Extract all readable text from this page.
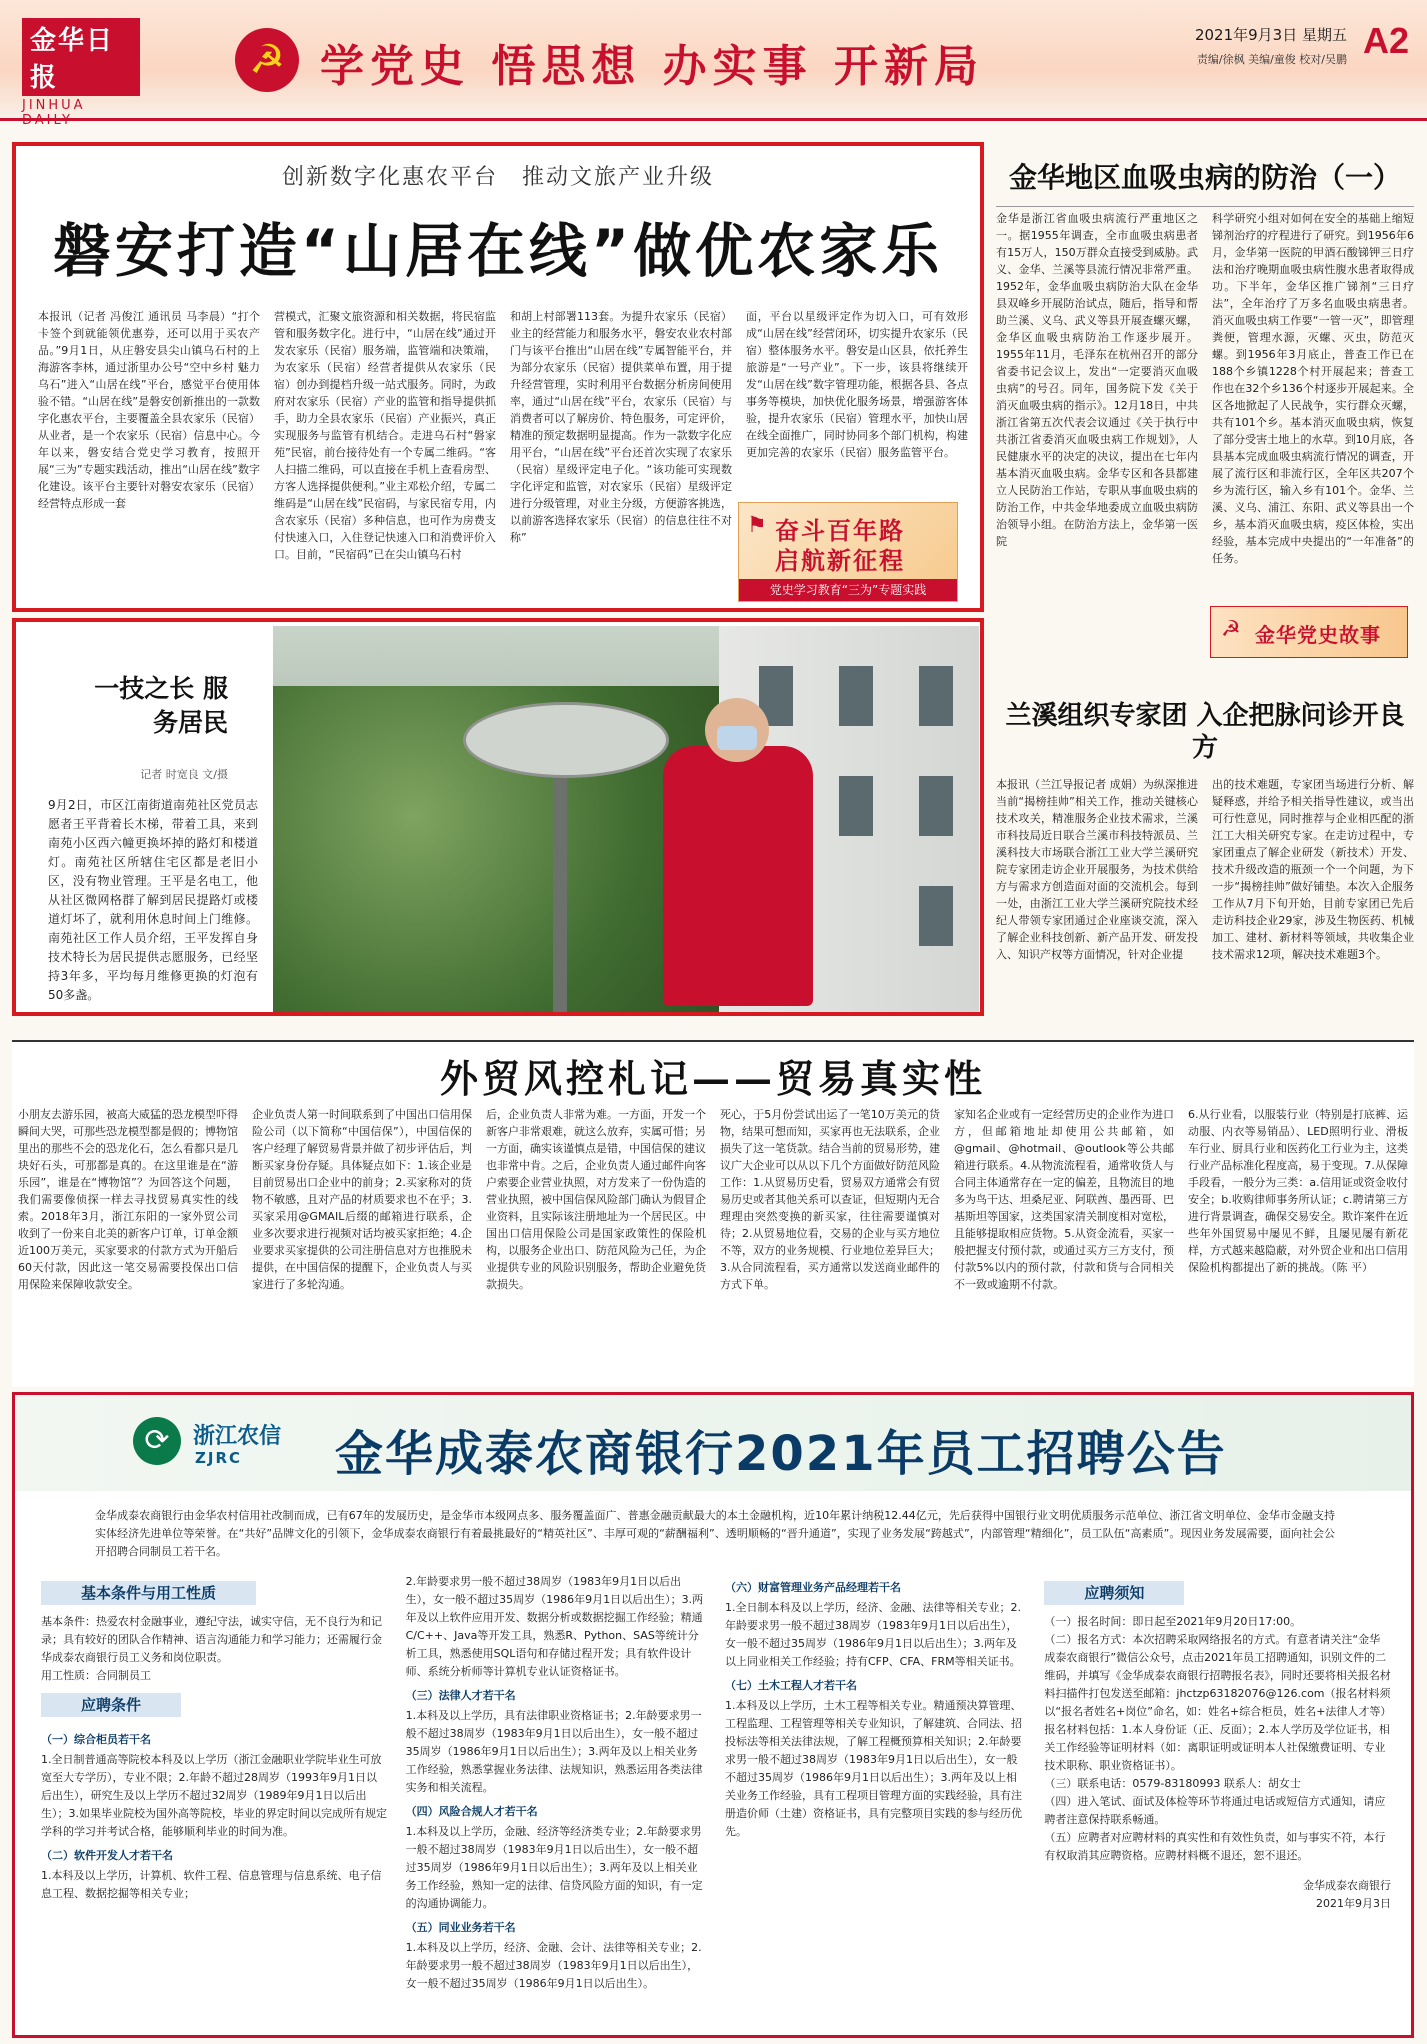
金华日报
JINHUA DAILY
☭ 学党史 悟思想 办实事 开新局
2021年9月3日 星期五
责编/徐枫 美编/童俊 校对/吴鹏 A2
创新数字化惠农平台　推动文旅产业升级
磐安打造“山居在线”做优农家乐
本报讯（记者 冯俊江 通讯员 马李晨）“打个卡签个到就能领优惠券，还可以用于买农产品。”9月1日，从庄磐安县尖山镇乌石村的上海游客李林，通过浙里办公号“空中乡村 魅力乌石”进入“山居在线”平台，感觉平台使用体验不错。“山居在线”是磐安创新推出的一款数字化惠农平台，主要覆盖全县农家乐（民宿）从业者，是一个农家乐（民宿）信息中心。今年以来，磐安结合党史学习教育，按照开展“三为”专题实践活动，推出“山居在线”数字化建设。该平台主要针对磐安农家乐（民宿）经营特点形成一套
营模式，汇聚文旅资源和相关数据，将民宿监管和服务数字化。进行中，“山居在线”通过开发农家乐（民宿）服务端，监管端和决策端，为农家乐（民宿）经营者提供从农家乐（民宿）创办到提档升级一站式服务。同时，为政府对农家乐（民宿）产业的监管和指导提供抓手，助力全县农家乐（民宿）产业振兴，真正实现服务与监管有机结合。走进乌石村“磐家苑”民宿，前台接待处有一个专属二维码。“客人扫描二维码，可以直接在手机上查看房型、方客人选择提供便利。”业主邓松介绍，专属二维码是“山居在线”民宿码，与家民宿专用，内含农家乐（民宿）多种信息，也可作为房费支付快速入口，入住登记快速入口和消费评价入口。目前，“民宿码”已在尖山镇乌石村
和胡上村部署113套。为提升农家乐（民宿）业主的经营能力和服务水平，磐安农业农村部门与该平台推出“山居在线”专属智能平台，并为部分农家乐（民宿）提供菜单布置，用于提升经营管理，实时利用平台数据分析房间使用率，通过“山居在线”平台，农家乐（民宿）与消费者可以了解房价、特色服务，可定评价，精准的预定数据明显提高。作为一款数字化应用平台，“山居在线”平台还首次实现了农家乐（民宿）星级评定电子化。“该功能可实现数字化评定和监管，对农家乐（民宿）星级评定进行分级管理，对业主分级，方便游客挑选，以前游客选择农家乐（民宿）的信息往往不对称”
面，平台以星级评定作为切入口，可有效形成“山居在线”经营闭环，切实提升农家乐（民宿）整体服务水平。磐安是山区县，依托养生旅游是“一号产业”。下一步，该县将继续开发“山居在线”数字管理功能，根据各县、各点事务等模块，加快优化服务场景，增强游客体验，提升农家乐（民宿）管理水平，加快山居在线全面推广，同时协同多个部门机构，构建更加完善的农家乐（民宿）服务监管平台。
⚑ 奋斗百年路
启航新征程
党史学习教育“三为”专题实践
金华地区血吸虫病的防治（一）
金华是浙江省血吸虫病流行严重地区之一。据1955年调查，全市血吸虫病患者有15万人，150万群众直接受到威胁。武义、金华、兰溪等县流行情况非常严重。1952年，金华血吸虫病防治大队在金华县双峰乡开展防治试点，随后，指导和帮助兰溪、义乌、武义等县开展查螺灭螺，金华区血吸虫病防治工作逐步展开。1955年11月，毛泽东在杭州召开的部分省委书记会议上，发出“一定要消灭血吸虫病”的号召。同年，国务院下发《关于消灭血吸虫病的指示》。12月18日，中共浙江省第五次代表会议通过《关于执行中共浙江省委消灭血吸虫病工作规划》，人民健康水平的决定的决议，提出在七年内基本消灭血吸虫病。金华专区和各县都建立人民防治工作站，专职从事血吸虫病的防治工作，中共金华地委成立血吸虫病防治领导小组。在防治方法上，金华第一医院
科学研究小组对如何在安全的基础上缩短锑剂治疗的疗程进行了研究。到1956年6月，金华第一医院的甲酒石酸锑钾三日疗法和治疗晚期血吸虫病性腹水患者取得成功。下半年，金华区推广锑剂“三日疗法”，全年治疗了万多名血吸虫病患者。消灭血吸虫病工作要“一管一灭”，即管理粪便，管理水源，灭螺、灭虫，防范灭螺。到1956年3月底止，普查工作已在188个乡镇1228个村开展起来；普查工作也在32个乡136个村逐步开展起来。全区各地掀起了人民战争，实行群众灭螺，共有101个乡。基本消灭血吸虫病，恢复了部分受害土地上的水草。到10月底，各县基本完成血吸虫病流行情况的调查，开展了流行区和非流行区，全年区共207个乡为流行区，输入乡有101个。金华、兰溪、义乌、浦江、东阳、武义等县出一个乡，基本消灭血吸虫病，疫区体检，实出经验，基本完成中央提出的“一年准备”的任务。
一技之长 服务居民
记者 时宽良 文/摄
9月2日，市区江南街道南苑社区党员志愿者王平背着长木梯，带着工具，来到南苑小区西六幢更换坏掉的路灯和楼道灯。南苑社区所辖住宅区都是老旧小区，没有物业管理。王平是名电工，他从社区微网格群了解到居民提路灯或楼道灯坏了，就利用休息时间上门维修。南苑社区工作人员介绍，王平发挥自身技术特长为居民提供志愿服务，已经坚持3年多，平均每月维修更换的灯泡有50多盏。
☭ 金华党史故事
兰溪组织专家团 入企把脉问诊开良方
本报讯（兰江导报记者 成娟）为纵深推进当前“揭榜挂帅”相关工作，推动关键核心技术攻关，精准服务企业技术需求，兰溪市科技局近日联合兰溪市科技特派员、兰溪科技大市场联合浙江工业大学兰溪研究院专家团走访企业开展服务，为技术供给方与需求方创造面对面的交流机会。每到一处，由浙江工业大学兰溪研究院技术经纪人带领专家团通过企业座谈交流，深入了解企业科技创新、新产品开发、研发投入、知识产权等方面情况，针对企业提
出的技术难题，专家团当场进行分析、解疑释惑，并给予相关指导性建议，或当出可行性意见，同时推荐与企业相匹配的浙江工大相关研究专家。在走访过程中，专家团重点了解企业研发（新技术）开发、技术升级改造的瓶颈一个一个问题，为下一步“揭榜挂帅”做好铺垫。本次入企服务工作从7月下旬开始，目前专家团已先后走访科技企业29家，涉及生物医药、机械加工、建材、新材料等领域，共收集企业技术需求12项，解决技术难题3个。
外贸风控札记——贸易真实性
小朋友去游乐园，被高大威猛的恐龙模型吓得瞬间大哭，可那些恐龙模型都是假的；博物馆里出的那些不会的恐龙化石，怎么看都只是几块好石头，可那都是真的。在这里谁是在“游乐园”，谁是在“博物馆”？为回答这个问题，我们需要像侦探一样去寻找贸易真实性的线索。2018年3月，浙江东阳的一家外贸公司收到了一份来自北美的新客户订单，订单金额近100万美元，买家要求的付款方式为开船后60天付款，因此这一笔交易需要投保出口信用保险来保障收款安全。
企业负责人第一时间联系到了中国出口信用保险公司（以下简称“中国信保”），中国信保的客户经理了解贸易背景并做了初步评估后，判断买家身份存疑。具体疑点如下：1.该企业是目前贸易出口企业中的前身；2.买家称对的货物不敏感，且对产品的材质要求也不在乎；3.买家采用@GMAIL后缀的邮箱进行联系，企业多次要求进行视频对话均被买家拒绝；4.企业要求买家提供的公司注册信息对方也推脱未提供，在中国信保的提醒下，企业负责人与买家进行了多轮沟通。
后，企业负责人非常为难。一方面，开发一个新客户非常艰难，就这么放弃，实属可惜；另一方面，确实该谨慎点是错，中国信保的建议也非常中肯。之后，企业负责人通过邮件向客户索要企业营业执照，对方发来了一份伪造的营业执照，被中国信保风险部门确认为假冒企业资料，且实际该注册地址为一个居民区。中国出口信用保险公司是国家政策性的保险机构，以服务企业出口、防范风险为己任，为企业提供专业的风险识别服务，帮助企业避免货款损失。
死心，于5月份尝试出运了一笔10万美元的货物，结果可想而知，买家再也无法联系，企业损失了这一笔货款。结合当前的贸易形势，建议广大企业可以从以下几个方面做好防范风险工作：1.从贸易历史看，贸易双方通常会有贸易历史或者其他关系可以查证，但短期内无合理理由突然变换的新买家，往往需要谨慎对待；2.从贸易地位看，交易的企业与买方地位不等，双方的业务规模、行业地位差异巨大；3.从合同流程看，买方通常以发送商业邮件的方式下单。
家知名企业或有一定经营历史的企业作为进口方，但邮箱地址却使用公共邮箱，如@gmail、@hotmail、@outlook等公共邮箱进行联系。4.从物流流程看，通常收货人与合同主体通常存在一定的偏差，且物流目的地多为鸟干达、坦桑尼亚、阿联酋、墨西哥、巴基斯坦等国家，这类国家清关制度相对宽松，且能够提取相应货物。5.从资金流看，买家一般把握支付预付款，或通过买方三方支付，预付款5%以内的预付款，付款和货与合同相关不一致或逾期不付款。
6.从行业看，以服装行业（特别是打底裤、运动服、内衣等易销品）、LED照明行业、滑板车行业、厨具行业和医药化工行业为主，这类行业产品标准化程度高，易于变现。7.从保障手段看，一般分为三类：a.信用证或资金收付安全；b.收购律师事务所认证；c.聘请第三方进行背景调查，确保交易安全。欺诈案件在近些年外国贸易中屡见不鲜，且屡见屡有新花样，方式越来越隐蔽，对外贸企业和出口信用保险机构都提出了新的挑战。（陈 平）
⟳	浙江农信
ZJRC 金华成泰农商银行2021年员工招聘公告
金华成泰农商银行由金华农村信用社改制而成，已有67年的发展历史，是金华市本级网点多、服务覆盖面广、普惠金融贡献最大的本土金融机构，近10年累计纳税12.44亿元，先后获得中国银行业文明优质服务示范单位、浙江省文明单位、金华市金融支持实体经济先进单位等荣誉。在“共好”品牌文化的引领下，金华成泰农商银行有着最挑最好的“精英社区”、丰厚可观的“薪酬福利”、透明顺畅的“晋升通道”，实现了业务发展“跨越式”，内部管理“精细化”，员工队伍“高素质”。现因业务发展需要，面向社会公开招聘合同制员工若干名。
基本条件与用工性质
基本条件：热爱农村金融事业，遵纪守法，诚实守信，无不良行为和记录；具有较好的团队合作精神、语言沟通能力和学习能力；还需履行金华成泰农商银行员工义务和岗位职责。
用工性质：合同制员工
应聘条件
（一）综合柜员若干名
1.全日制普通高等院校本科及以上学历（浙江金融职业学院毕业生可放宽至大专学历），专业不限；2.年龄不超过28周岁（1993年9月1日以后出生），研究生及以上学历不超过32周岁（1989年9月1日以后出生）；3.如果毕业院校为国外高等院校，毕业的界定时间以完成所有规定学科的学习并考试合格，能够顺利毕业的时间为准。
（二）软件开发人才若干名
1.本科及以上学历，计算机、软件工程、信息管理与信息系统、电子信息工程、数据挖掘等相关专业；
2.年龄要求男一般不超过38周岁（1983年9月1日以后出生），女一般不超过35周岁（1986年9月1日以后出生）；3.两年及以上软件应用开发、数据分析或数据挖掘工作经验；精通C/C++、Java等开发工具，熟悉R、Python、SAS等统计分析工具，熟悉使用SQL语句和存储过程开发；具有软件设计师、系统分析师等计算机专业认证资格证书。
（三）法律人才若干名
1.本科及以上学历，具有法律职业资格证书；2.年龄要求男一般不超过38周岁（1983年9月1日以后出生），女一般不超过35周岁（1986年9月1日以后出生）；3.两年及以上相关业务工作经验，熟悉掌握业务法律、法规知识，熟悉运用各类法律实务和相关流程。
（四）风险合规人才若干名
1.本科及以上学历，金融、经济等经济类专业；2.年龄要求男一般不超过38周岁（1983年9月1日以后出生），女一般不超过35周岁（1986年9月1日以后出生）；3.两年及以上相关业务工作经验，熟知一定的法律、信贷风险方面的知识，有一定的沟通协调能力。
（五）同业业务若干名
1.本科及以上学历，经济、金融、会计、法律等相关专业；2.年龄要求男一般不超过38周岁（1983年9月1日以后出生），女一般不超过35周岁（1986年9月1日以后出生）。
（六）财富管理业务产品经理若干名
1.全日制本科及以上学历，经济、金融、法律等相关专业；2.年龄要求男一般不超过38周岁（1983年9月1日以后出生），女一般不超过35周岁（1986年9月1日以后出生）；3.两年及以上同业相关工作经验；持有CFP、CFA、FRM等相关证书。
（七）土木工程人才若干名
1.本科及以上学历，土木工程等相关专业。精通预决算管理、工程监理、工程管理等相关专业知识，了解建筑、合同法、招投标法等相关法律法规，了解工程概预算相关知识；2.年龄要求男一般不超过38周岁（1983年9月1日以后出生），女一般不超过35周岁（1986年9月1日以后出生）；3.两年及以上相关业务工作经验，具有工程项目管理方面的实践经验，具有注册造价师（土建）资格证书，具有完整项目实践的参与经历优先。
应聘须知
（一）报名时间：即日起至2021年9月20日17:00。
（二）报名方式：本次招聘采取网络报名的方式。有意者请关注“金华成泰农商银行”微信公众号，点击2021年员工招聘通知，识别文件的二维码，并填写《金华成泰农商银行招聘报名表》，同时还要将相关报名材料扫描件打包发送至邮箱：jhctzp63182076@126.com（报名材料须以“报名者姓名+岗位”命名，如：姓名+综合柜员，姓名+法律人才等）
报名材料包括：1.本人身份证（正、反面）；2.本人学历及学位证书，相关工作经验等证明材料（如：离职证明或证明本人社保缴费证明、专业技术职称、职业资格证书）。
（三）联系电话：0579-83180993 联系人：胡女士
（四）进入笔试、面试及体检等环节将通过电话或短信方式通知，请应聘者注意保持联系畅通。
（五）应聘者对应聘材料的真实性和有效性负责，如与事实不符，本行有权取消其应聘资格。应聘材料概不退还，恕不退还。
金华成泰农商银行
2021年9月3日
